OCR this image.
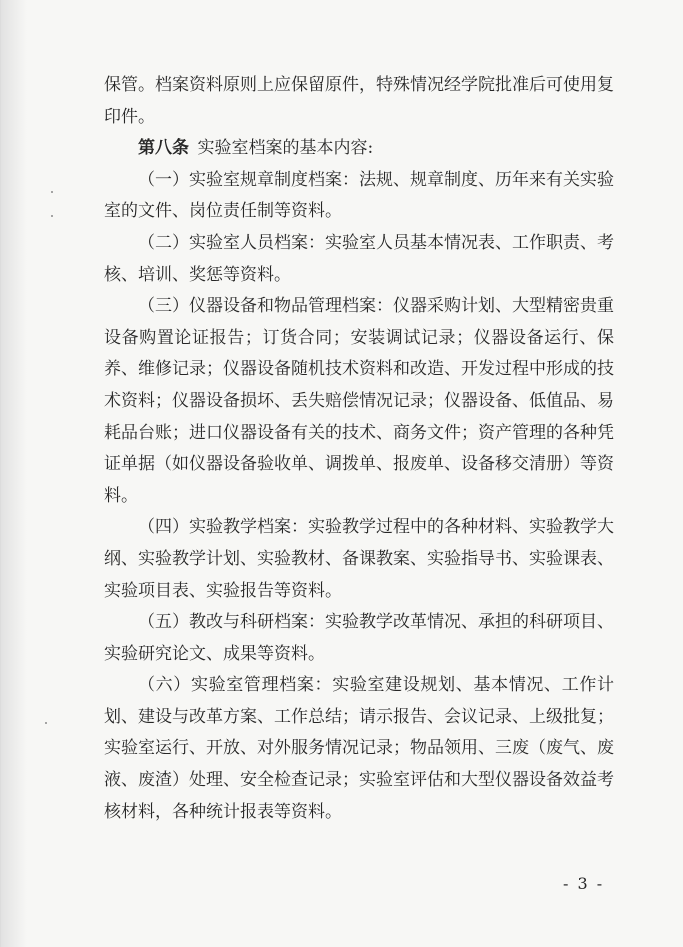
保管。档案资料原则上应保留原件，特殊情况经学院批准后可使用复印件。

第八条 实验室档案的基本内容:

（一）实验室规章制度档案：法规、规章制度、历年来有关实验室的文件、岗位责任制等资料。

（二）实验室人员档案：实验室人员基本情况表、工作职责、考核、培训、奖惩等资料。

（三）仪器设备和物品管理档案：仪器采购计划、大型精密贵重设备购置论证报告；订货合同；安装调试记录；仪器设备运行、保养、维修记录；仪器设备随机技术资料和改造、开发过程中形成的技术资料；仪器设备损坏、丢失赔偿情况记录；仪器设备、低值品、易耗品台账；进口仪器设备有关的技术、商务文件；资产管理的各种凭证单据（如仪器设备验收单、调拨单、报废单、设备移交清册）等资料。

（四）实验教学档案：实验教学过程中的各种材料、实验教学大纲、实验教学计划、实验教材、备课教案、实验指导书、实验课表、实验项目表、实验报告等资料。

（五）教改与科研档案：实验教学改革情况、承担的科研项目、实验研究论文、成果等资料。

（六）实验室管理档案：实验室建设规划、基本情况、工作计划、建设与改革方案、工作总结；请示报告、会议记录、上级批复；实验室运行、开放、对外服务情况记录；物品领用、三废（废气、废液、废渣）处理、安全检查记录；实验室评估和大型仪器设备效益考核材料，各种统计报表等资料。

- 3 -
